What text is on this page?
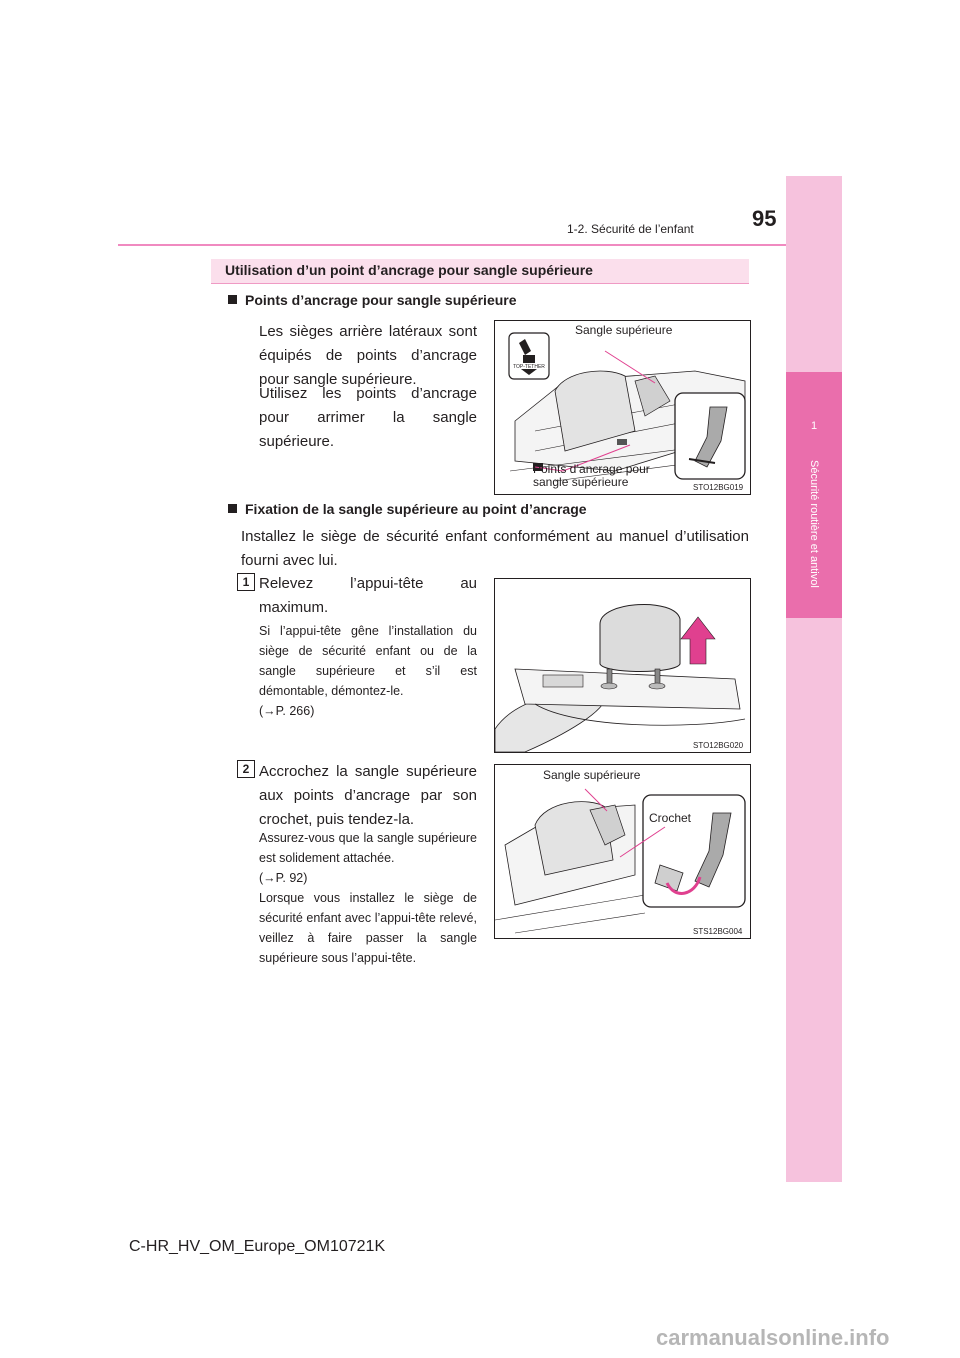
1-2. Sécurité de l’enfant	95
1
Sécurité routière et antivol
Utilisation d’un point d’ancrage pour sangle supérieure
Points d’ancrage pour sangle supérieure
Les sièges arrière latéraux sont équipés de points d’ancrage pour sangle supérieure.
Utilisez les points d’ancrage pour arrimer la sangle supérieure.
TOP-TETHER
Sangle supérieure
Points d’ancrage pour
sangle supérieure	STO12BG019
Fixation de la sangle supérieure au point d’ancrage
Installez le siège de sécurité enfant conformément au manuel d’utilisation fourni avec lui.
1 Relevez l’appui-tête au maximum.
Si l’appui-tête gêne l’installation du siège de sécurité enfant ou de la sangle supérieure et s’il est démontable, démontez-le.
(→P. 266)
STO12BG020
2 Accrochez la sangle supérieure aux points d’ancrage par son crochet, puis tendez-la.
Assurez-vous que la sangle supérieure est solidement attachée.
(→P. 92)
Lorsque vous installez le siège de sécurité enfant avec l’appui-tête relevé, veillez à faire passer la sangle supérieure sous l’appui-tête.
Sangle supérieure
Crochet
STS12BG004
C-HR_HV_OM_Europe_OM10721K
carmanualsonline.info
